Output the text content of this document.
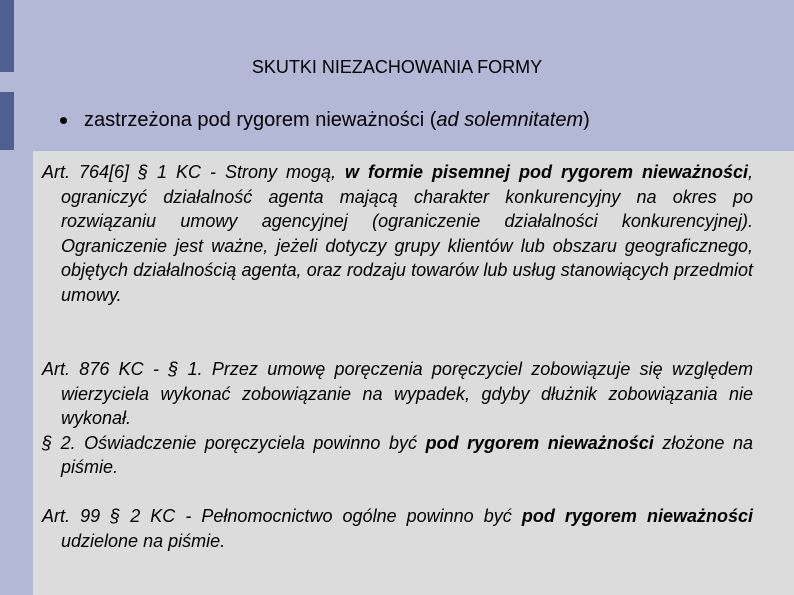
SKUTKI NIEZACHOWANIA FORMY
zastrzeżona pod rygorem nieważności (ad solemnitatem)

Art. 764[6] § 1 KC - Strony mogą, w formie pisemnej pod rygorem nieważności, ograniczyć działalność agenta mającą charakter konkurencyjny na okres po rozwiązaniu umowy agencyjnej (ograniczenie działalności konkurencyjnej). Ograniczenie jest ważne, jeżeli dotyczy grupy klientów lub obszaru geograficznego, objętych działalnością agenta, oraz rodzaju towarów lub usług stanowiących przedmiot umowy.

Art. 876 KC - § 1. Przez umowę poręczenia poręczyciel zobowiązuje się względem wierzyciela wykonać zobowiązanie na wypadek, gdyby dłużnik zobowiązania nie wykonał.

§ 2. Oświadczenie poręczyciela powinno być pod rygorem nieważności złożone na piśmie.

Art. 99 § 2 KC - Pełnomocnictwo ogólne powinno być pod rygorem nieważności udzielone na piśmie.
